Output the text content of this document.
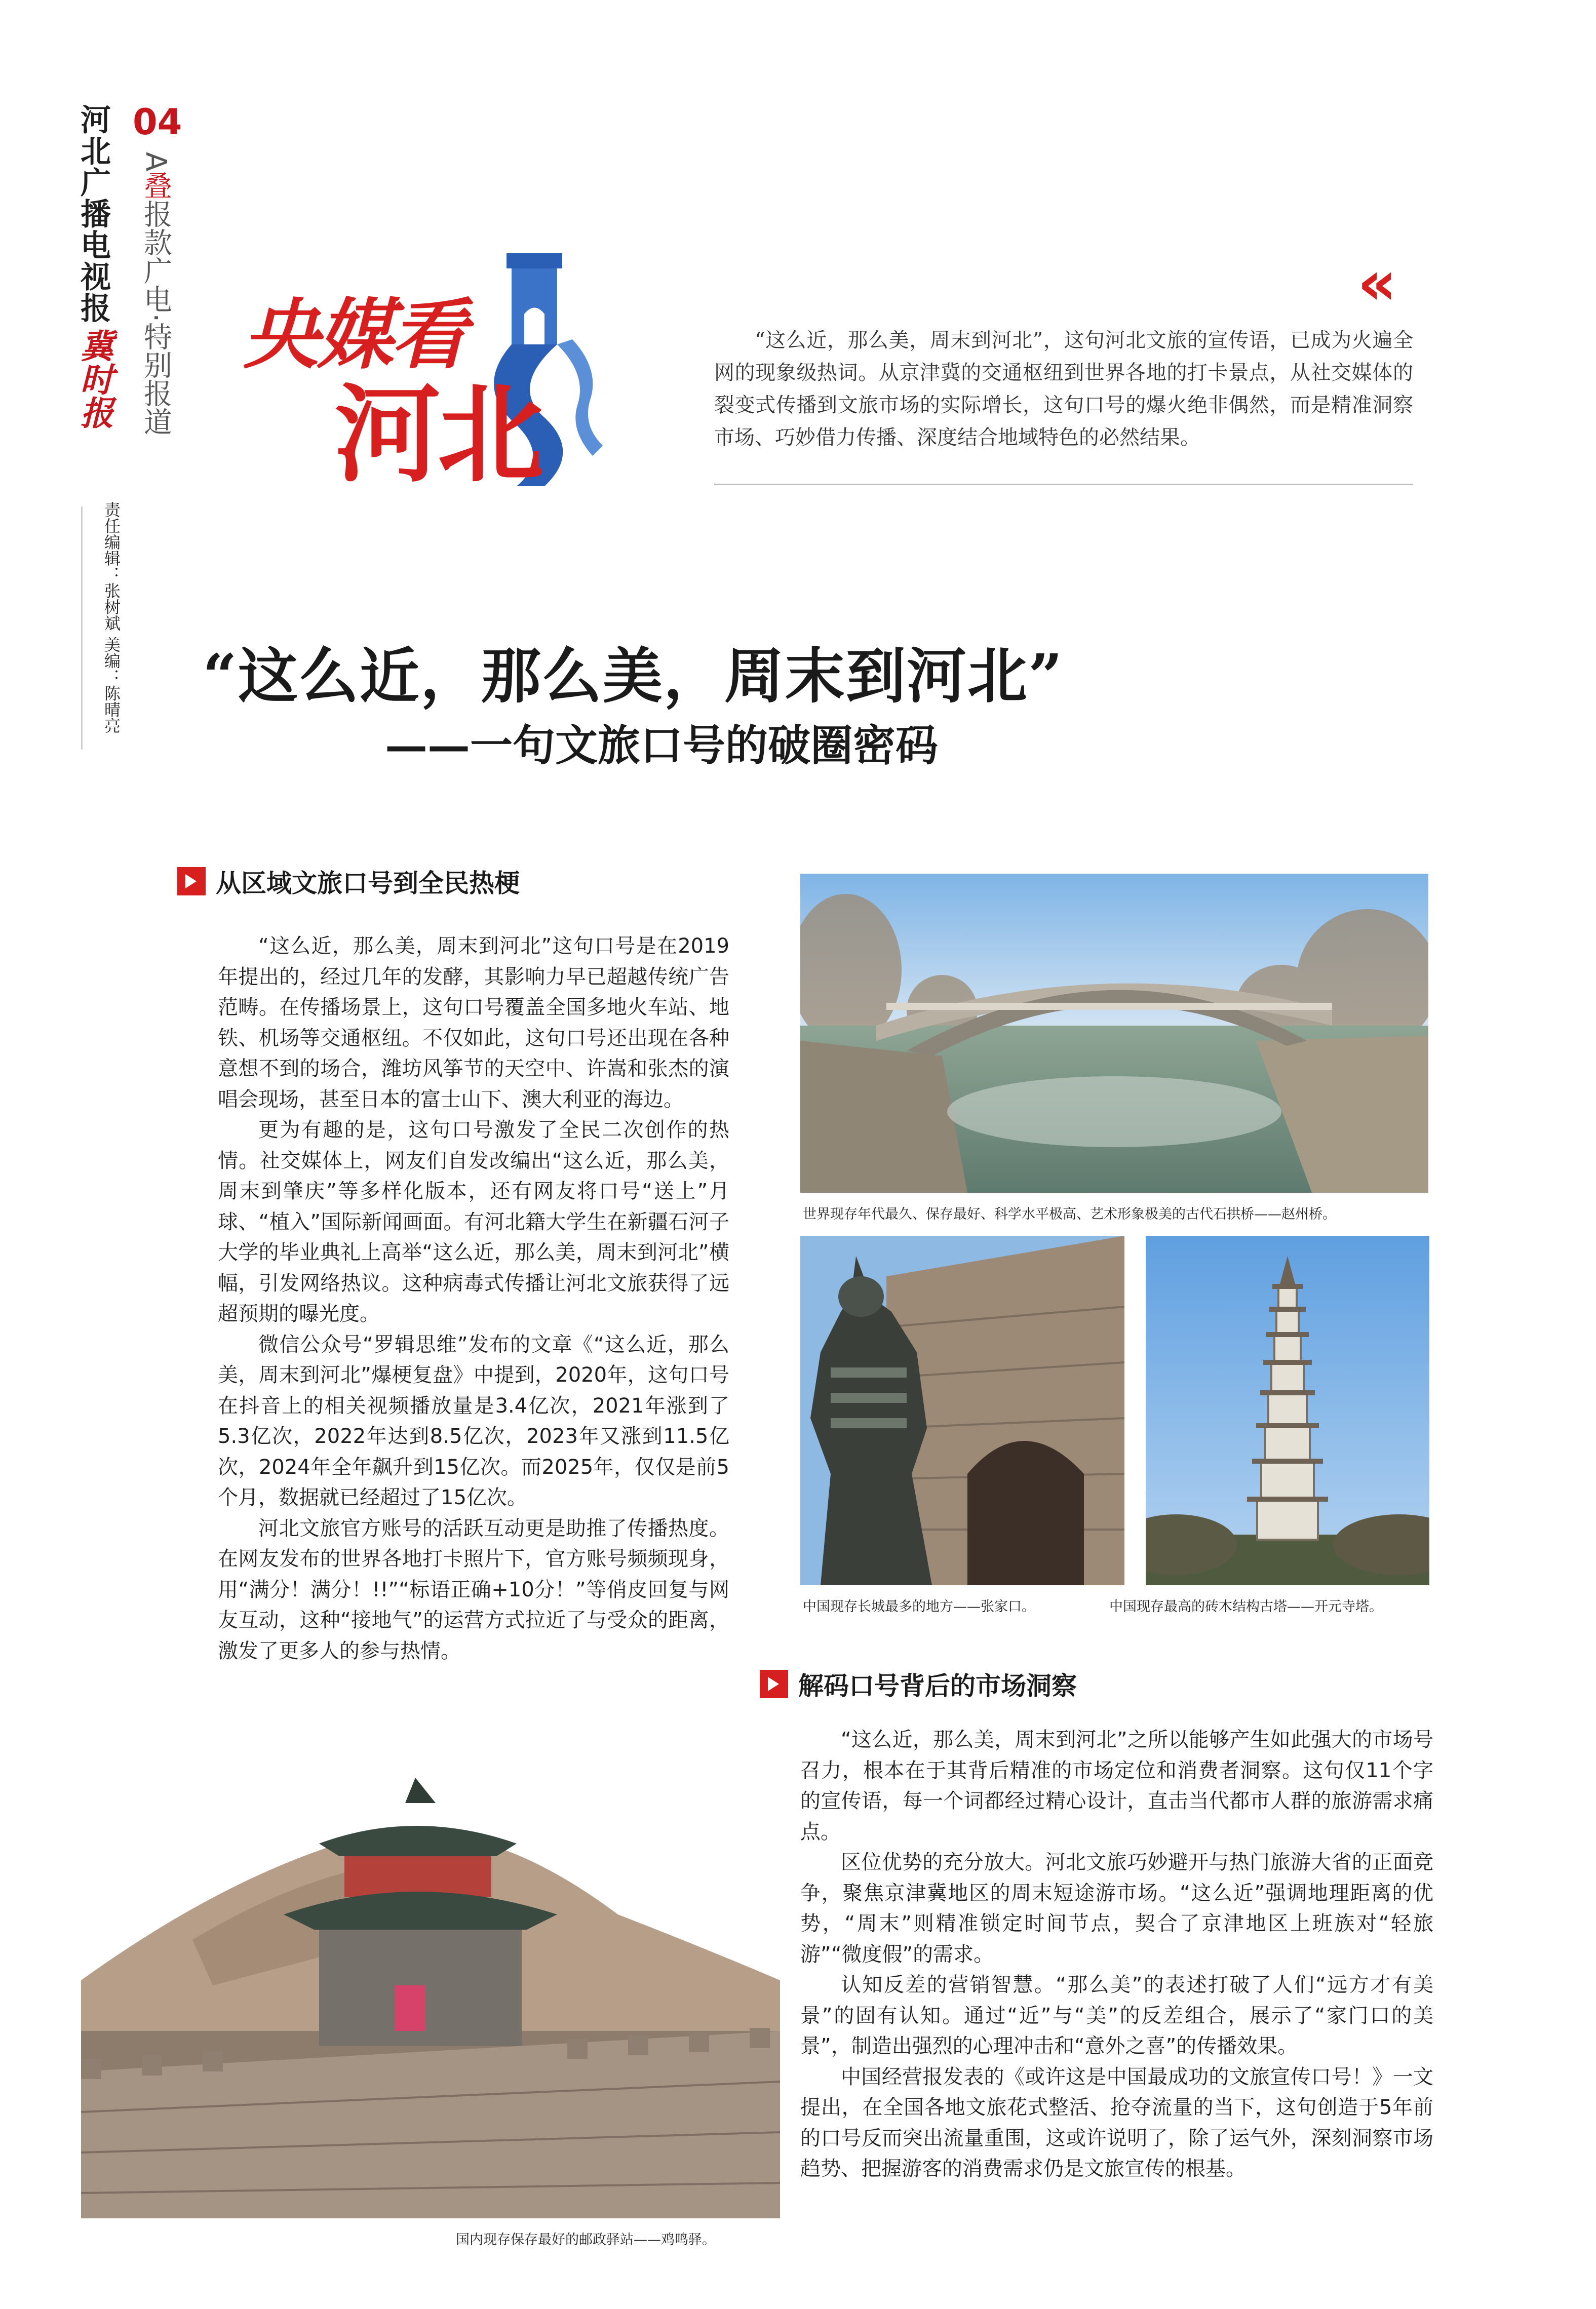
河北广播电视报
冀时报
04
A叠报款广电·特别报道
责任编辑：张树斌 美编：陈晴亮
央媒看
河北
«
“这么近，那么美，周末到河北”，这句河北文旅的宣传语，已成为火遍全网的现象级热词。从京津冀的交通枢纽到世界各地的打卡景点，从社交媒体的裂变式传播到文旅市场的实际增长，这句口号的爆火绝非偶然，而是精准洞察市场、巧妙借力传播、深度结合地域特色的必然结果。
“这么近，那么美，周末到河北”
——一句文旅口号的破圈密码
从区域文旅口号到全民热梗

“这么近，那么美，周末到河北”这句口号是在2019年提出的，经过几年的发酵，其影响力早已超越传统广告范畴。在传播场景上，这句口号覆盖全国多地火车站、地铁、机场等交通枢纽。不仅如此，这句口号还出现在各种意想不到的场合，潍坊风筝节的天空中、许嵩和张杰的演唱会现场，甚至日本的富士山下、澳大利亚的海边。

更为有趣的是，这句口号激发了全民二次创作的热情。社交媒体上，网友们自发改编出“这么近，那么美，周末到肇庆”等多样化版本，还有网友将口号“送上”月球、“植入”国际新闻画面。有河北籍大学生在新疆石河子大学的毕业典礼上高举“这么近，那么美，周末到河北”横幅，引发网络热议。这种病毒式传播让河北文旅获得了远超预期的曝光度。

微信公众号“罗辑思维”发布的文章《“这么近，那么美，周末到河北”爆梗复盘》中提到，2020年，这句口号在抖音上的相关视频播放量是3.4亿次，2021年涨到了5.3亿次，2022年达到8.5亿次，2023年又涨到11.5亿次，2024年全年飙升到15亿次。而2025年，仅仅是前5个月，数据就已经超过了15亿次。

河北文旅官方账号的活跃互动更是助推了传播热度。在网友发布的世界各地打卡照片下，官方账号频频现身，用“满分！满分！!!”“标语正确+10分！”等俏皮回复与网友互动，这种“接地气”的运营方式拉近了与受众的距离，激发了更多人的参与热情。

世界现存年代最久、保存最好、科学水平极高、艺术形象极美的古代石拱桥——赵州桥。
中国现存长城最多的地方——张家口。	中国现存最高的砖木结构古塔——开元寺塔。
解码口号背后的市场洞察

“这么近，那么美，周末到河北”之所以能够产生如此强大的市场号召力，根本在于其背后精准的市场定位和消费者洞察。这句仅11个字的宣传语，每一个词都经过精心设计，直击当代都市人群的旅游需求痛点。

区位优势的充分放大。河北文旅巧妙避开与热门旅游大省的正面竞争，聚焦京津冀地区的周末短途游市场。“这么近”强调地理距离的优势，“周末”则精准锁定时间节点，契合了京津地区上班族对“轻旅游”“微度假”的需求。

认知反差的营销智慧。“那么美”的表述打破了人们“远方才有美景”的固有认知。通过“近”与“美”的反差组合，展示了“家门口的美景”，制造出强烈的心理冲击和“意外之喜”的传播效果。

中国经营报发表的《或许这是中国最成功的文旅宣传口号！》一文提出，在全国各地文旅花式整活、抢夺流量的当下，这句创造于5年前的口号反而突出流量重围，这或许说明了，除了运气外，深刻洞察市场趋势、把握游客的消费需求仍是文旅宣传的根基。

国内现存保存最好的邮政驿站——鸡鸣驿。
